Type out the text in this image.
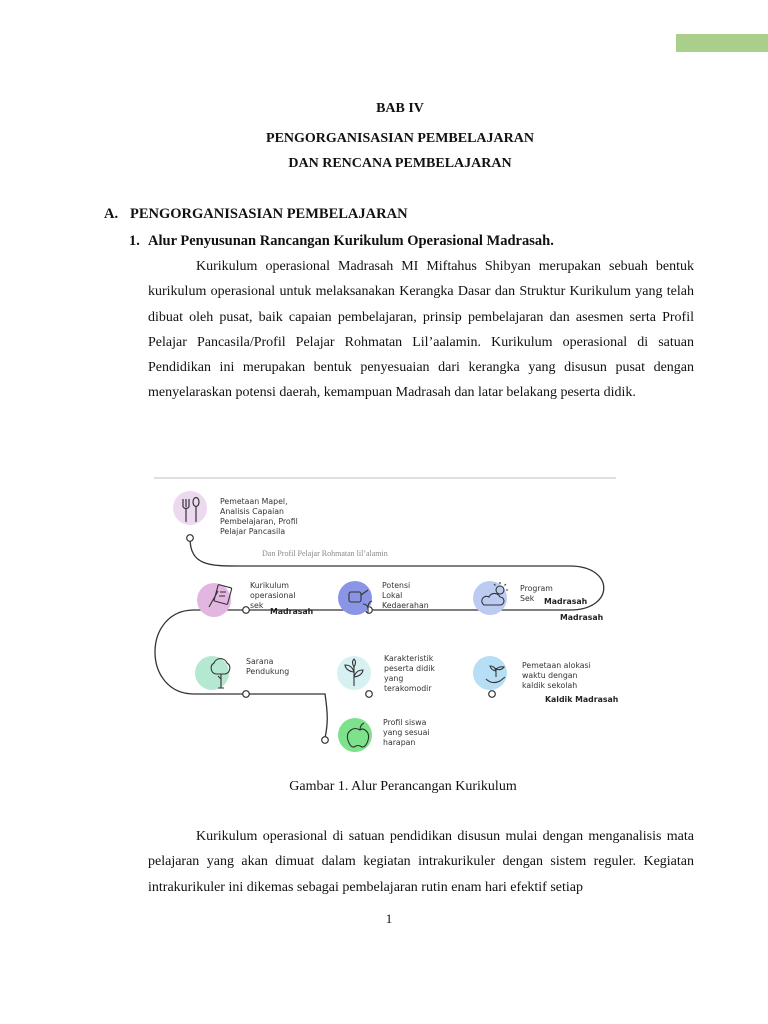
BAB IV
PENGORGANISASIAN PEMBELAJARAN
DAN RENCANA PEMBELAJARAN
A. PENGORGANISASIAN PEMBELAJARAN
1. Alur Penyusunan Rancangan Kurikulum Operasional Madrasah.

Kurikulum operasional Madrasah MI Miftahus Shibyan merupakan sebuah bentuk kurikulum operasional untuk melaksanakan Kerangka Dasar dan Struktur Kurikulum yang telah dibuat oleh pusat, baik capaian pembelajaran, prinsip pembelajaran dan asesmen serta Profil Pelajar Pancasila/Profil Pelajar Rohmatan Lil’aalamin. Kurikulum operasional di satuan Pendidikan ini merupakan bentuk penyesuaian dari kerangka yang disusun pusat dengan menyelaraskan potensi daerah, kemampuan Madrasah dan latar belakang peserta didik.

Dan Profil Pelajar Rohmatan lil’alamin
Pemetaan Mapel, Analisis Capaian Pembelajaran, Profil Pelajar Pancasila
Kurikulum operasional sek
Madrasah
Potensi Lokal Kedaerahan
Program Sek	Madrasah
Madrasah
Sarana Pendukung
Karakteristik peserta didik yang terakomodir
Pemetaan alokasi waktu dengan kaldik sekolah
Kaldik Madrasah
Profil siswa yang sesuai harapan
Gambar 1. Alur Perancangan Kurikulum

Kurikulum operasional di satuan pendidikan disusun mulai dengan menganalisis mata pelajaran yang akan dimuat dalam kegiatan intrakurikuler dengan sistem reguler. Kegiatan intrakurikuler ini dikemas sebagai pembelajaran rutin enam hari efektif setiap

1
